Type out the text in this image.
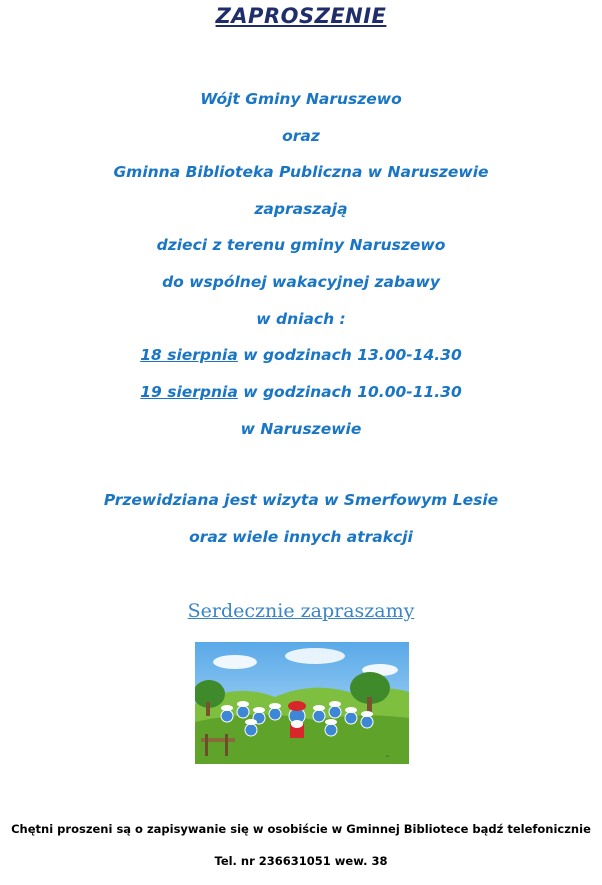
ZAPROSZENIE
Wójt Gminy Naruszewo
oraz
Gminna Biblioteka Publiczna w Naruszewie
zapraszają
dzieci z terenu gminy Naruszewo
do wspólnej wakacyjnej zabawy
w dniach :
18 sierpnia w godzinach 13.00-14.30
19 sierpnia w godzinach 10.00-11.30
w Naruszewie
Przewidziana jest wizyta w Smerfowym Lesie
oraz wiele innych atrakcji
Serdecznie zapraszamy
~
Chętni proszeni są o zapisywanie się w osobiście w Gminnej Bibliotece bądź telefonicznie
Tel. nr 236631051 wew. 38
